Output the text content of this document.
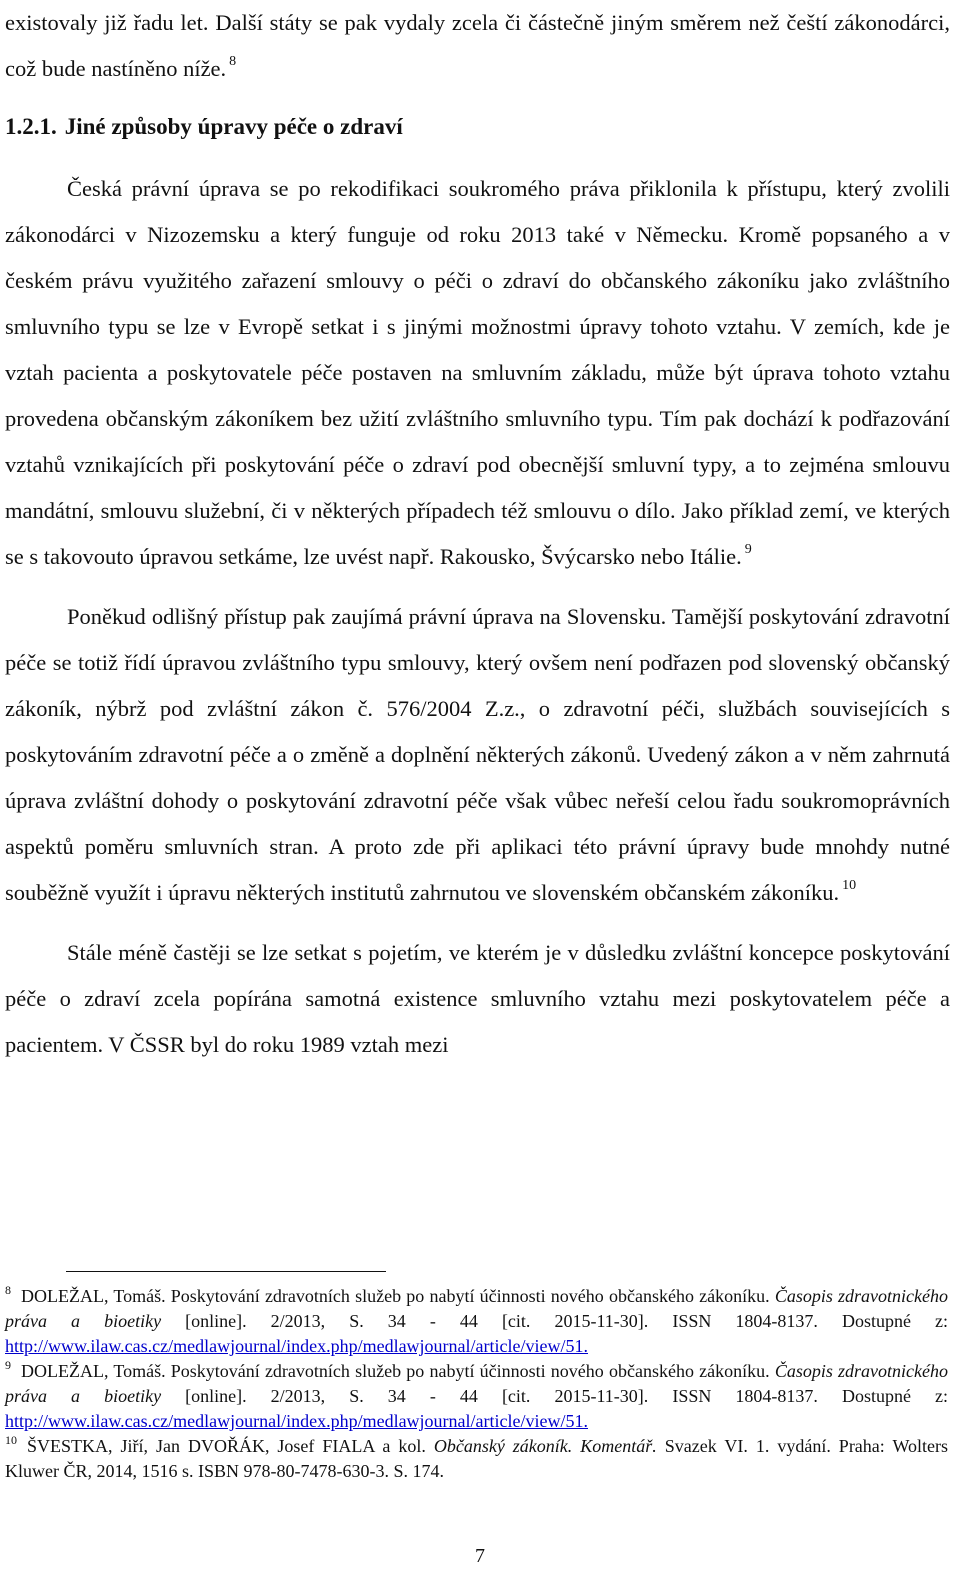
existovaly již řadu let. Další státy se pak vydaly zcela či částečně jiným směrem než čeští zákonodárci, což bude nastíněno níže. $^8$

1.2.1. Jiné způsoby úpravy péče o zdraví

Česká právní úprava se po rekodifikaci soukromého práva přiklonila k přístupu, který zvolili zákonodárci v Nizozemsku a který funguje od roku 2013 také v Německu. Kromě popsaného a v českém právu využitého zařazení smlouvy o péči o zdraví do občanského zákoníku jako zvláštního smluvního typu se lze v Evropě setkat i s jinými možnostmi úpravy tohoto vztahu. V zemích, kde je vztah pacienta a poskytovatele péče postaven na smluvním základu, může být úprava tohoto vztahu provedena občanským zákoníkem bez užití zvláštního smluvního typu. Tím pak dochází k podřazování vztahů vznikajících při poskytování péče o zdraví pod obecnější smluvní typy, a to zejména smlouvu mandátní, smlouvu služební, či v některých případech též smlouvu o dílo. Jako příklad zemí, ve kterých se s takovouto úpravou setkáme, lze uvést např. Rakousko, Švýcarsko nebo Itálie. $^9$

Poněkud odlišný přístup pak zaujímá právní úprava na Slovensku. Tamější poskytování zdravotní péče se totiž řídí úpravou zvláštního typu smlouvy, který ovšem není podřazen pod slovenský občanský zákoník, nýbrž pod zvláštní zákon č. 576/2004 Z.z., o zdravotní péči, službách souvisejících s poskytováním zdravotní péče a o změně a doplnění některých zákonů. Uvedený zákon a v něm zahrnutá úprava zvláštní dohody o poskytování zdravotní péče však vůbec neřeší celou řadu soukromoprávních aspektů poměru smluvních stran. A proto zde při aplikaci této právní úpravy bude mnohdy nutné souběžně využít i úpravu některých institutů zahrnutou ve slovenském občanském zákoníku. $^{10}$

Stále méně častěji se lze setkat s pojetím, ve kterém je v důsledku zvláštní koncepce poskytování péče o zdraví zcela popírána samotná existence smluvního vztahu mezi poskytovatelem péče a pacientem. V ČSSR byl do roku 1989 vztah mezi

$^8$ DOLEŽAL, Tomáš. Poskytování zdravotních služeb po nabytí účinnosti nového občanského zákoníku. Časopis zdravotnického práva a bioetiky [online]. 2/2013, S. 34 - 44 [cit. 2015-11-30]. ISSN 1804-8137. Dostupné z: http://www.ilaw.cas.cz/medlawjournal/index.php/medlawjournal/article/view/51.

$^9$ DOLEŽAL, Tomáš. Poskytování zdravotních služeb po nabytí účinnosti nového občanského zákoníku. Časopis zdravotnického práva a bioetiky [online]. 2/2013, S. 34 - 44 [cit. 2015-11-30]. ISSN 1804-8137. Dostupné z: http://www.ilaw.cas.cz/medlawjournal/index.php/medlawjournal/article/view/51.

$^{10}$ ŠVESTKA, Jiří, Jan DVOŘÁK, Josef FIALA a kol. Občanský zákoník. Komentář. Svazek VI. 1. vydání. Praha: Wolters Kluwer ČR, 2014, 1516 s. ISBN 978-80-7478-630-3. S. 174.

7
